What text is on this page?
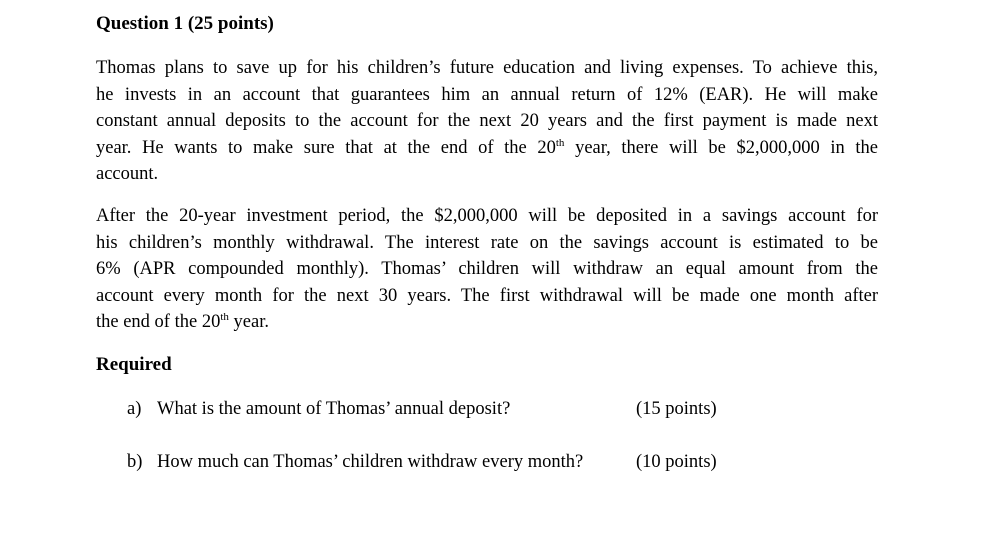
Question 1 (25 points)
Thomas plans to save up for his children’s future education and living expenses. To achieve this,
he invests in an account that guarantees him an annual return of 12% (EAR). He will make
constant annual deposits to the account for the next 20 years and the first payment is made next
year. He wants to make sure that at the end of the 20th year, there will be $2,000,000 in the
account.
After the 20-year investment period, the $2,000,000 will be deposited in a savings account for
his children’s monthly withdrawal. The interest rate on the savings account is estimated to be
6% (APR compounded monthly). Thomas’ children will withdraw an equal amount from the
account every month for the next 30 years. The first withdrawal will be made one month after
the end of the 20th year.
Required
a) What is the amount of Thomas’ annual deposit?	(15 points)
b) How much can Thomas’ children withdraw every month?	(10 points)
